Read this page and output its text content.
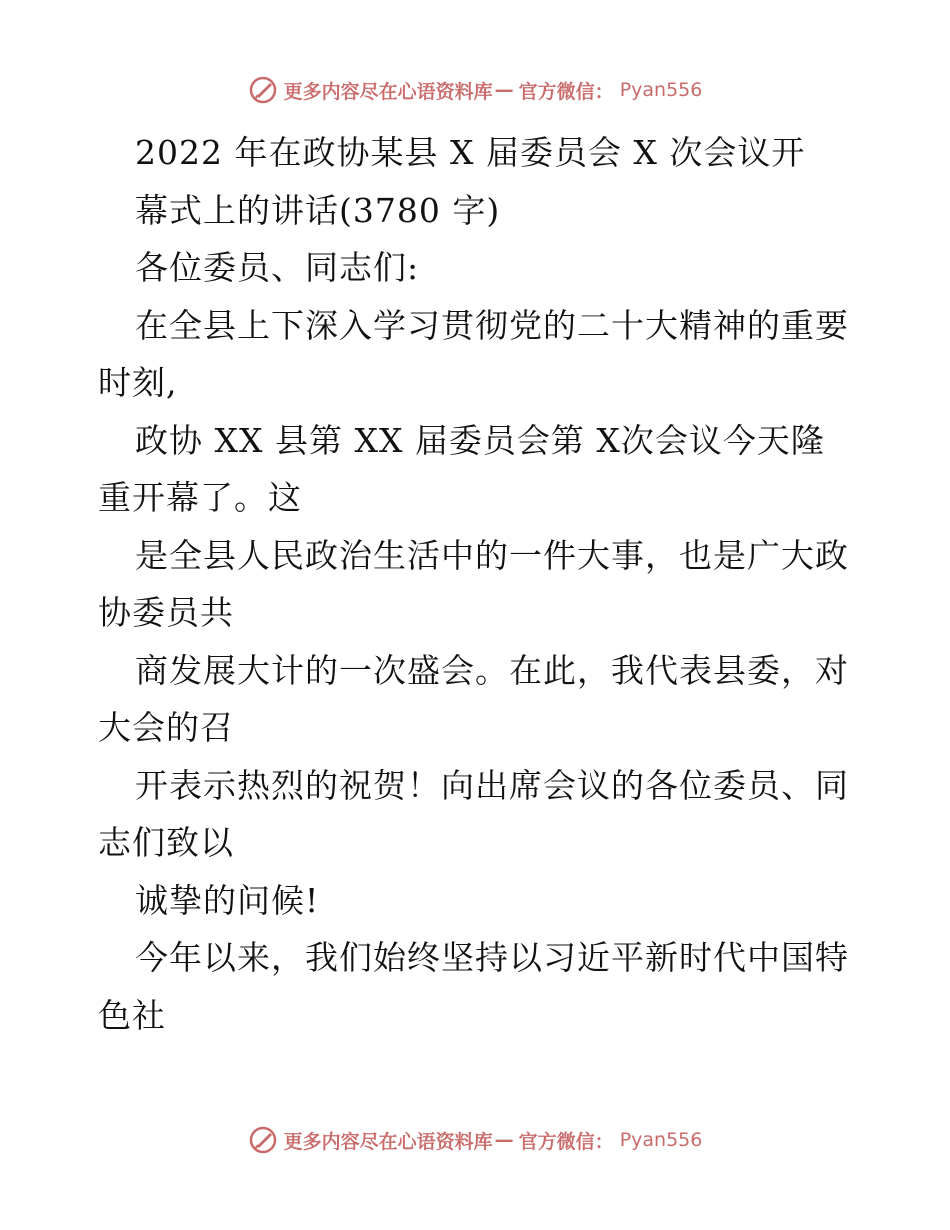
更多内容尽在心语资料库 — 官方微信： Pyan556
2022 年在政协某县 X 届委员会 X 次会议开
幕式上的讲话(3780 字)
各位委员、同志们:
在全县上下深入学习贯彻党的二十大精神的重要
时刻,
政协 XX 县第 XX 届委员会第 X次会议今天隆
重开幕了。这
是全县人民政治生活中的一件大事，也是广大政
协委员共
商发展大计的一次盛会。在此，我代表县委，对
大会的召
开表示热烈的祝贺！向出席会议的各位委员、同
志们致以
诚挚的问候!
今年以来，我们始终坚持以习近平新时代中国特
色社
更多内容尽在心语资料库 — 官方微信： Pyan556
